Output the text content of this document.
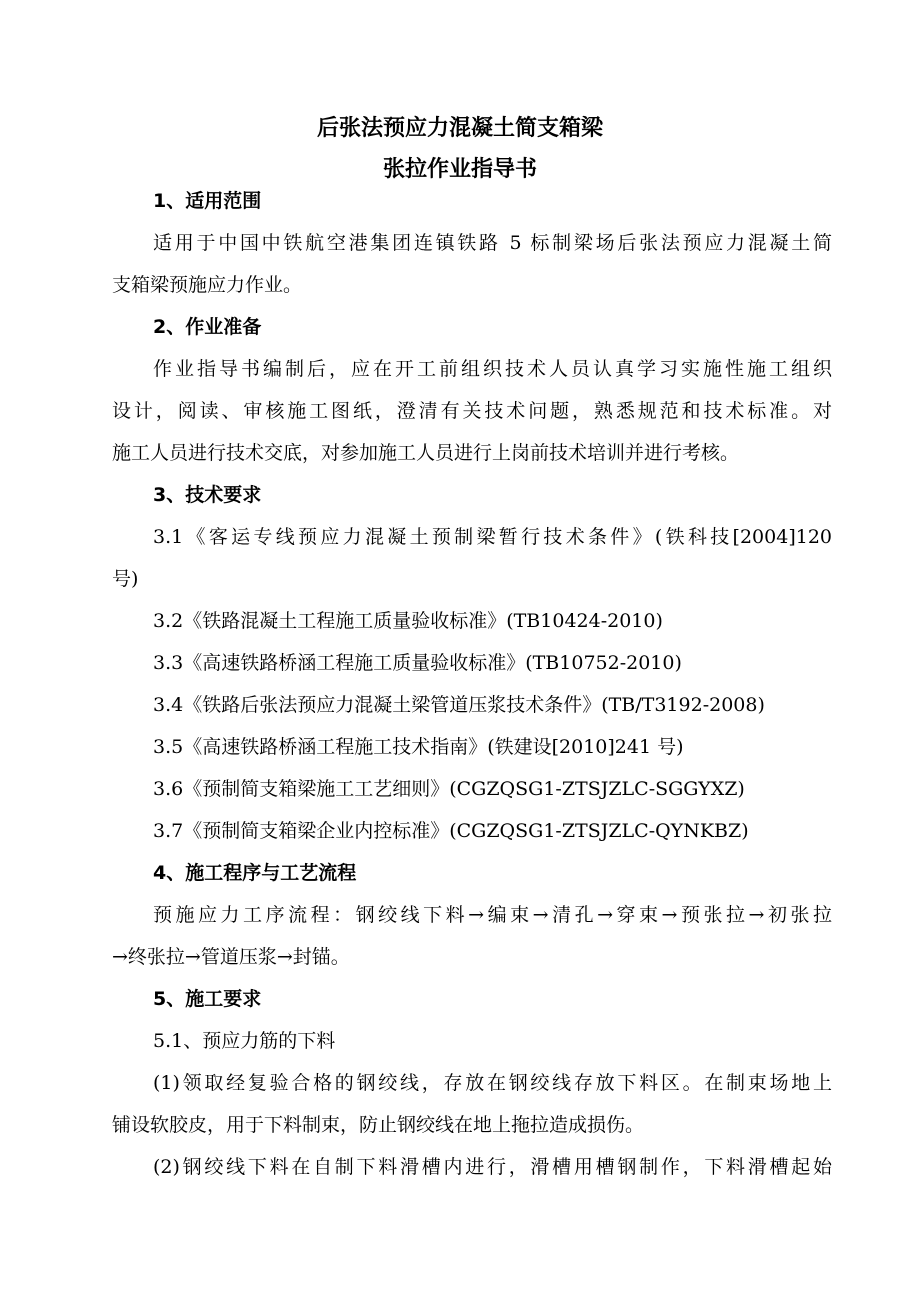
后张法预应力混凝土简支箱梁
张拉作业指导书
1、适用范围
适用于中国中铁航空港集团连镇铁路 5 标制梁场后张法预应力混凝土简
支箱梁预施应力作业。
2、作业准备
作业指导书编制后，应在开工前组织技术人员认真学习实施性施工组织
设计，阅读、审核施工图纸，澄清有关技术问题，熟悉规范和技术标准。对
施工人员进行技术交底，对参加施工人员进行上岗前技术培训并进行考核。
3、技术要求
3.1《客运专线预应力混凝土预制梁暂行技术条件》(铁科技[2004]120
号)
3.2《铁路混凝土工程施工质量验收标准》(TB10424-2010)
3.3《高速铁路桥涵工程施工质量验收标准》(TB10752-2010)
3.4《铁路后张法预应力混凝土梁管道压浆技术条件》(TB/T3192-2008)
3.5《高速铁路桥涵工程施工技术指南》(铁建设[2010]241 号)
3.6《预制简支箱梁施工工艺细则》(CGZQSG1-ZTSJZLC-SGGYXZ)
3.7《预制简支箱梁企业内控标准》(CGZQSG1-ZTSJZLC-QYNKBZ)
4、施工程序与工艺流程
预施应力工序流程：钢绞线下料→编束→清孔→穿束→预张拉→初张拉
→终张拉→管道压浆→封锚。
5、施工要求
5.1、预应力筋的下料
(1)领取经复验合格的钢绞线，存放在钢绞线存放下料区。在制束场地上
铺设软胶皮，用于下料制束，防止钢绞线在地上拖拉造成损伤。
(2)钢绞线下料在自制下料滑槽内进行，滑槽用槽钢制作，下料滑槽起始
